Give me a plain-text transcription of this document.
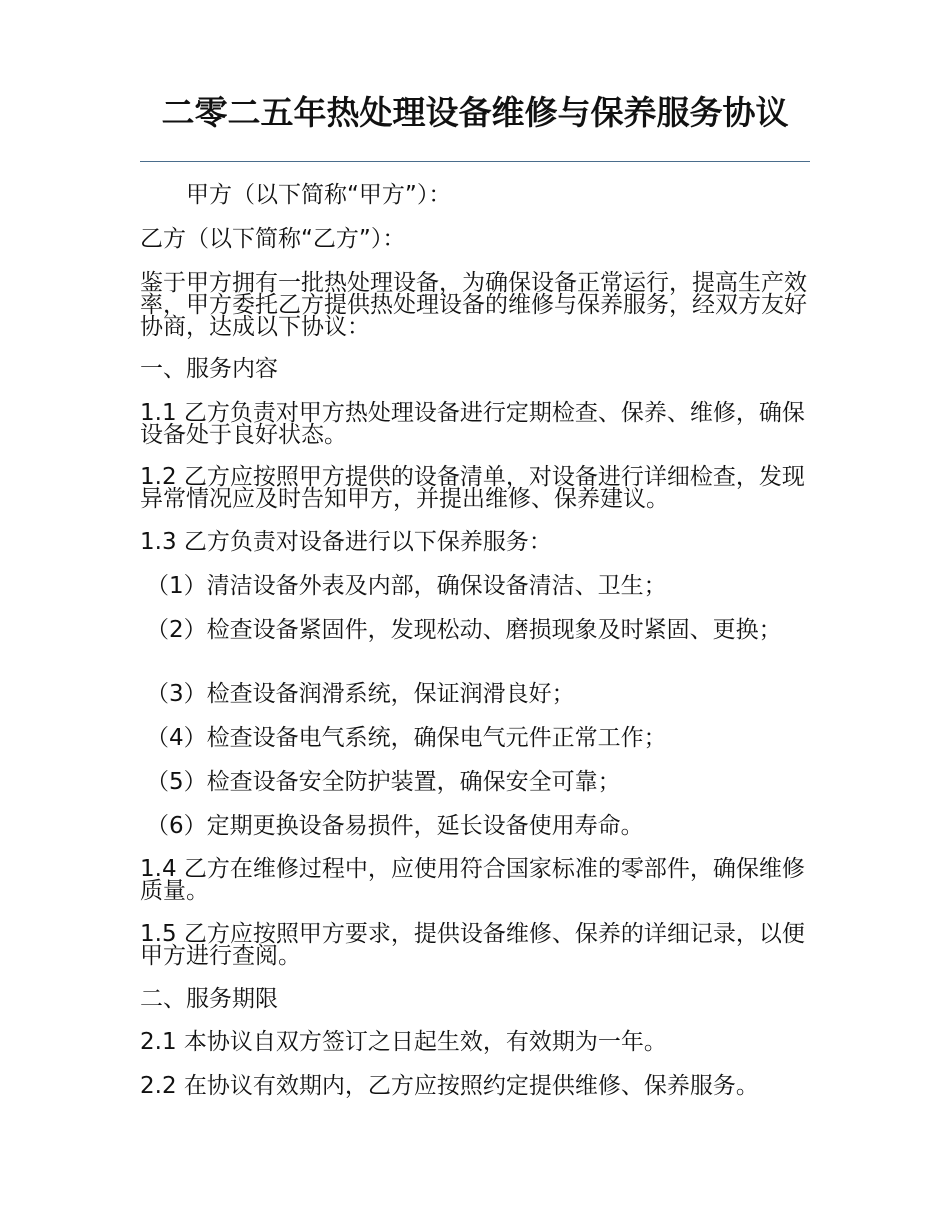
二零二五年热处理设备维修与保养服务协议

甲方（以下简称“甲方”）：

乙方（以下简称“乙方”）：

鉴于甲方拥有一批热处理设备，为确保设备正常运行，提高生产效率，甲方委托乙方提供热处理设备的维修与保养服务，经双方友好协商，达成以下协议：

一、服务内容

1.1 乙方负责对甲方热处理设备进行定期检查、保养、维修，确保设备处于良好状态。

1.2 乙方应按照甲方提供的设备清单，对设备进行详细检查，发现异常情况应及时告知甲方，并提出维修、保养建议。

1.3 乙方负责对设备进行以下保养服务：

（1）清洁设备外表及内部，确保设备清洁、卫生；

（2）检查设备紧固件，发现松动、磨损现象及时紧固、更换；

（3）检查设备润滑系统，保证润滑良好；

（4）检查设备电气系统，确保电气元件正常工作；

（5）检查设备安全防护装置，确保安全可靠；

（6）定期更换设备易损件，延长设备使用寿命。

1.4 乙方在维修过程中，应使用符合国家标准的零部件，确保维修质量。

1.5 乙方应按照甲方要求，提供设备维修、保养的详细记录，以便甲方进行查阅。

二、服务期限

2.1 本协议自双方签订之日起生效，有效期为一年。

2.2 在协议有效期内，乙方应按照约定提供维修、保养服务。
